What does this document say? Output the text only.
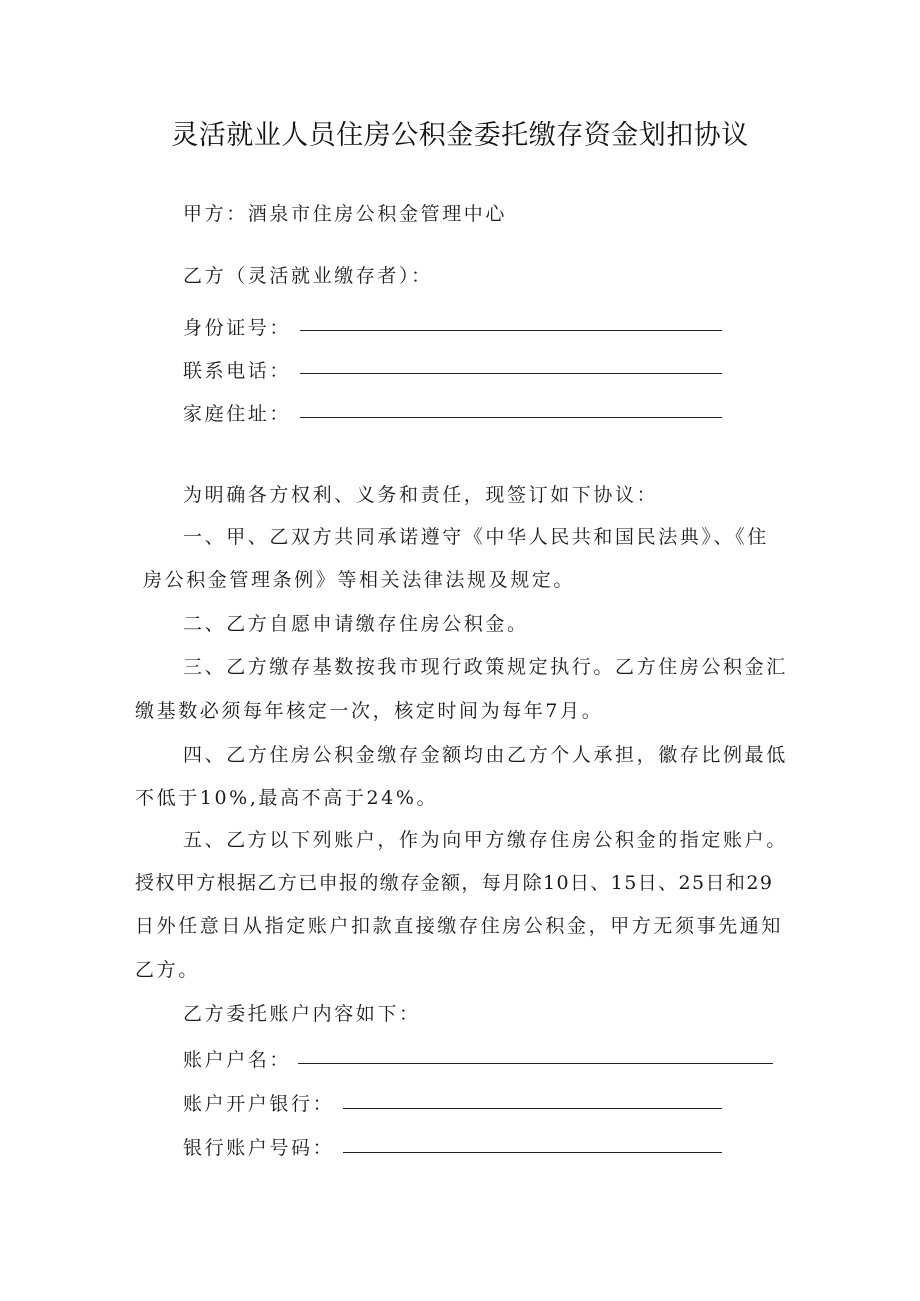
灵活就业人员住房公积金委托缴存资金划扣协议
甲方：酒泉市住房公积金管理中心
乙方（灵活就业缴存者）：
身份证号：
联系电话：
家庭住址：
为明确各方权利、义务和责任，现签订如下协议：
一、甲、乙双方共同承诺遵守《中华人民共和国民法典》、《住
房公积金管理条例》等相关法律法规及规定。
二、乙方自愿申请缴存住房公积金。
三、乙方缴存基数按我市现行政策规定执行。乙方住房公积金汇
缴基数必须每年核定一次，核定时间为每年7月。
四、乙方住房公积金缴存金额均由乙方个人承担，徽存比例最低
不低于10%,最高不高于24%。
五、乙方以下列账户，作为向甲方缴存住房公积金的指定账户。
授权甲方根据乙方已申报的缴存金额，每月除10日、15日、25日和29
日外任意日从指定账户扣款直接缴存住房公积金，甲方无须事先通知
乙方。
乙方委托账户内容如下：
账户户名：
账户开户银行：
银行账户号码：
